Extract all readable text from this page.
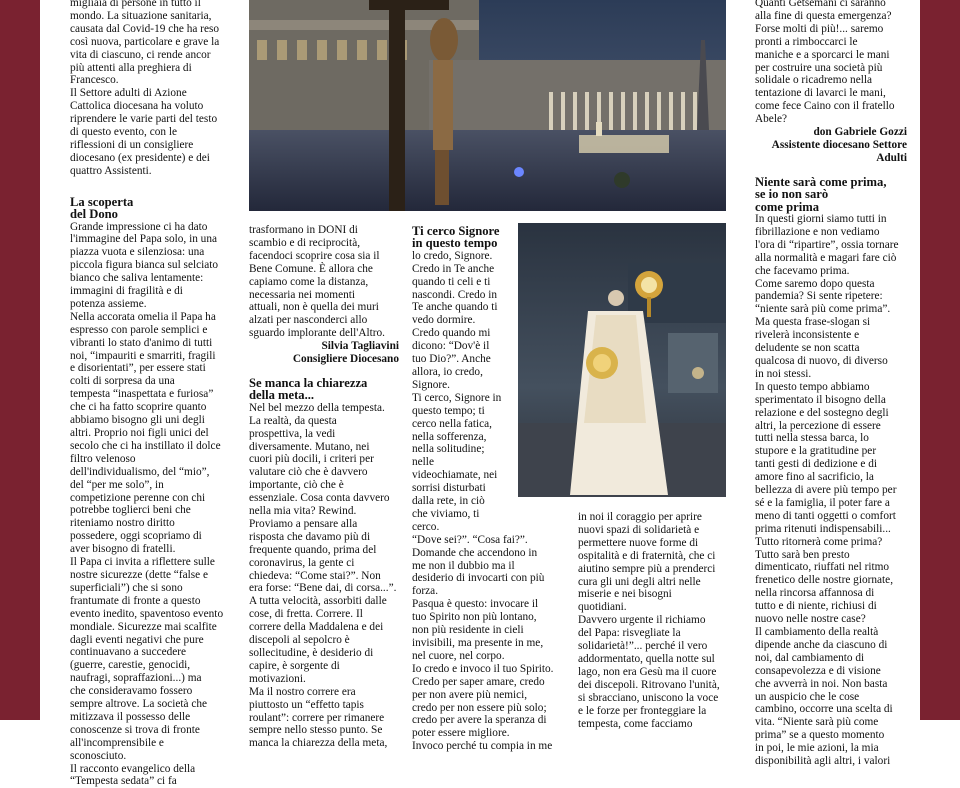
migliaia di persone in tutto il

mondo. La situazione sanitaria,

causata dal Covid-19 che ha reso

così nuova, particolare e grave la

vita di ciascuno, ci rende ancor

più attenti alla preghiera di

Francesco.

Il Settore adulti di Azione

Cattolica diocesana ha voluto

riprendere le varie parti del testo

di questo evento, con le

riflessioni di un consigliere

diocesano (ex presidente) e dei

quattro Assistenti.

La scoperta
del Dono

Grande impressione ci ha dato

l'immagine del Papa solo, in una

piazza vuota e silenziosa: una

piccola figura bianca sul selciato

bianco che saliva lentamente:

immagini di fragilità e di

potenza assieme.

Nella accorata omelia il Papa ha

espresso con parole semplici e

vibranti lo stato d'animo di tutti

noi, “impauriti e smarriti, fragili

e disorientati”, per essere stati

colti di sorpresa da una

tempesta “inaspettata e furiosa”

che ci ha fatto scoprire quanto

abbiamo bisogno gli uni degli

altri. Proprio noi figli unici del

secolo che ci ha instillato il dolce

filtro velenoso

dell'individualismo, del “mio”,

del “per me solo”, in

competizione perenne con chi

potrebbe toglierci beni che

riteniamo nostro diritto

possedere, oggi scopriamo di

aver bisogno di fratelli.

Il Papa ci invita a riflettere sulle

nostre sicurezze (dette “false e

superficiali”) che si sono

frantumate di fronte a questo

evento inedito, spaventoso evento

mondiale. Sicurezze mai scalfite

dagli eventi negativi che pure

continuavano a succedere

(guerre, carestie, genocidi,

naufragi, sopraffazioni...) ma

che consideravamo fossero

sempre altrove. La società che

mitizzava il possesso delle

conoscenze si trova di fronte

all'incomprensibile e

sconosciuto.

Il racconto evangelico della

“Tempesta sedata” ci fa

trasformano in DONI di

scambio e di reciprocità,

facendoci scoprire cosa sia il

Bene Comune. È allora che

capiamo come la distanza,

necessaria nei momenti

attuali, non è quella dei muri

alzati per nasconderci allo

sguardo implorante dell'Altro.

Silvia Tagliavini

Consigliere Diocesano

Se manca la chiarezza
della meta...

Nel bel mezzo della tempesta.

La realtà, da questa

prospettiva, la vedi

diversamente. Mutano, nei

cuori più docili, i criteri per

valutare ciò che è davvero

importante, ciò che è

essenziale. Cosa conta davvero

nella mia vita? Rewind.

Proviamo a pensare alla

risposta che davamo più di

frequente quando, prima del

coronavirus, la gente ci

chiedeva: “Come stai?”. Non

era forse: “Bene dai, di corsa...”.

A tutta velocità, assorbiti dalle

cose, di fretta. Correre. Il

correre della Maddalena e dei

discepoli al sepolcro è

sollecitudine, è desiderio di

capire, è sorgente di

motivazioni.

Ma il nostro correre era

piuttosto un “effetto tapis

roulant”: correre per rimanere

sempre nello stesso punto. Se

manca la chiarezza della meta,

Ti cerco Signore
in questo tempo

lo credo, Signore.

Credo in Te anche

quando ti celi e ti

nascondi. Credo in

Te anche quando ti

vedo dormire.

Credo quando mi

dicono: “Dov'è il

tuo Dio?”. Anche

allora, io credo,

Signore.

Ti cerco, Signore in

questo tempo; ti

cerco nella fatica,

nella sofferenza,

nella solitudine;

nelle

videochiamate, nei

sorrisi disturbati

dalla rete, in ciò

che viviamo, ti

cerco.

“Dove sei?”. “Cosa fai?”.

Domande che accendono in

me non il dubbio ma il

desiderio di invocarti con più

forza.

Pasqua è questo: invocare il

tuo Spirito non più lontano,

non più residente in cieli

invisibili, ma presente in me,

nel cuore, nel corpo.

Io credo e invoco il tuo Spirito.

Credo per saper amare, credo

per non avere più nemici,

credo per non essere più solo;

credo per avere la speranza di

poter essere migliore.

Invoco perché tu compia in me

in noi il coraggio per aprire

nuovi spazi di solidarietà e

permettere nuove forme di

ospitalità e di fraternità, che ci

aiutino sempre più a prenderci

cura gli uni degli altri nelle

miserie e nei bisogni

quotidiani.

Davvero urgente il richiamo

del Papa: risvegliate la

solidarietà!”... perché il vero

addormentato, quella notte sul

lago, non era Gesù ma il cuore

dei discepoli. Ritrovano l'unità,

si sbracciano, uniscono la voce

e le forze per fronteggiare la

tempesta, come facciamo

Quanti Getsemani ci saranno

alla fine di questa emergenza?

Forse molti di più!... saremo

pronti a rimboccarci le

maniche e a sporcarci le mani

per costruire una società più

solidale o ricadremo nella

tentazione di lavarci le mani,

come fece Caino con il fratello

Abele?

don Gabriele Gozzi

Assistente diocesano Settore

Adulti

Niente sarà come prima,
se io non sarò
come prima

In questi giorni siamo tutti in

fibrillazione e non vediamo

l'ora di “ripartire”, ossia tornare

alla normalità e magari fare ciò

che facevamo prima.

Come saremo dopo questa

pandemia? Si sente ripetere:

“niente sarà più come prima”.

Ma questa frase-slogan si

rivelerà inconsistente e

deludente se non scatta

qualcosa di nuovo, di diverso

in noi stessi.

In questo tempo abbiamo

sperimentato il bisogno della

relazione e del sostegno degli

altri, la percezione di essere

tutti nella stessa barca, lo

stupore e la gratitudine per

tanti gesti di dedizione e di

amore fino al sacrificio, la

bellezza di avere più tempo per

sé e la famiglia, il poter fare a

meno di tanti oggetti o comfort

prima ritenuti indispensabili...

Tutto ritornerà come prima?

Tutto sarà ben presto

dimenticato, riuffati nel ritmo

frenetico delle nostre giornate,

nella rincorsa affannosa di

tutto e di niente, richiusi di

nuovo nelle nostre case?

Il cambiamento della realtà

dipende anche da ciascuno di

noi, dal cambiamento di

consapevolezza e di visione

che avverrà in noi. Non basta

un auspicio che le cose

cambino, occorre una scelta di

vita. “Niente sarà più come

prima” se a questo momento

in poi, le mie azioni, la mia

disponibilità agli altri, i valori
